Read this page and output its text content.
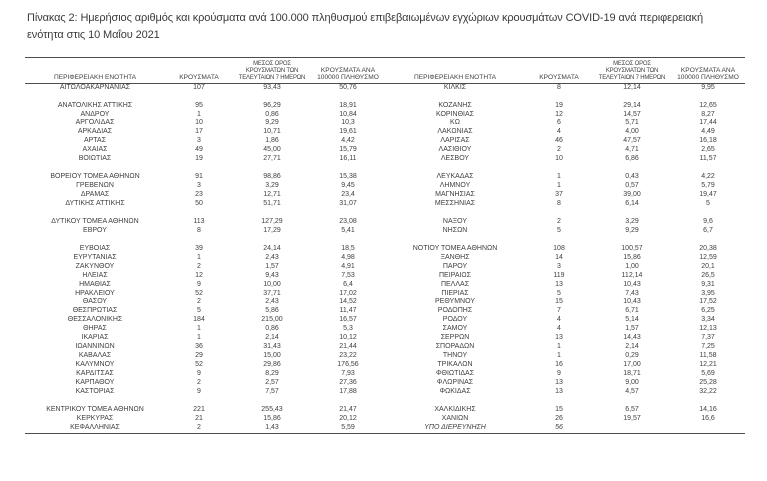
Πίνακας 2: Ημερήσιος αριθμός και κρούσματα ανά 100.000 πληθυσμού επιβεβαιωμένων εγχώριων κρουσμάτων COVID-19 ανά περιφερειακή
ενότητα στις 10 Μαΐου 2021
ΠΕΡΙΦΕΡΕΙΑΚΗ ΕΝΟΤΗΤΑ	ΚΡΟΥΣΜΑΤΑ	ΜΕΣΟΣ ΟΡΟΣ ΚΡΟΥΣΜΑΤΩΝ ΤΩΝ ΤΕΛΕΥΤΑΙΩΝ 7 ΗΜΕΡΩΝ	ΚΡΟΥΣΜΑΤΑ ΑΝΑ 100000 ΠΛΗΘΥΣΜΟ	ΠΕΡΙΦΕΡΕΙΑΚΗ ΕΝΟΤΗΤΑ	ΚΡΟΥΣΜΑΤΑ	ΜΕΣΟΣ ΟΡΟΣ ΚΡΟΥΣΜΑΤΩΝ ΤΩΝ ΤΕΛΕΥΤΑΙΩΝ 7 ΗΜΕΡΩΝ	ΚΡΟΥΣΜΑΤΑ ΑΝΑ 100000 ΠΛΗΘΥΣΜΟ
ΑΙΤΩΛΟΑΚΑΡΝΑΝΙΑΣ	107	93,43	50,76	ΚΙΛΚΙΣ	8	12,14	9,95

ΑΝΑΤΟΛΙΚΗΣ ΑΤΤΙΚΗΣ	95	96,29	18,91	ΚΟΖΑΝΗΣ	19	29,14	12,65
ΑΝΔΡΟΥ	1	0,86	10,84	ΚΟΡΙΝΘΙΑΣ	12	14,57	8,27
ΑΡΓΟΛΙΔΑΣ	10	9,29	10,3	ΚΩ	6	5,71	17,44
ΑΡΚΑΔΙΑΣ	17	10,71	19,61	ΛΑΚΩΝΙΑΣ	4	4,00	4,49
ΑΡΤΑΣ	3	1,86	4,42	ΛΑΡΙΣΑΣ	46	47,57	16,18
ΑΧΑΪΑΣ	49	45,00	15,79	ΛΑΣΙΘΙΟΥ	2	4,71	2,65
ΒΟΙΩΤΙΑΣ	19	27,71	16,11	ΛΕΣΒΟΥ	10	6,86	11,57

ΒΟΡΕΙΟΥ ΤΟΜΕΑ ΑΘΗΝΩΝ	91	98,86	15,38	ΛΕΥΚΑΔΑΣ	1	0,43	4,22
ΓΡΕΒΕΝΩΝ	3	3,29	9,45	ΛΗΜΝΟΥ	1	0,57	5,79
ΔΡΑΜΑΣ	23	12,71	23,4	ΜΑΓΝΗΣΙΑΣ	37	39,00	19,47
ΔΥΤΙΚΗΣ ΑΤΤΙΚΗΣ	50	51,71	31,07	ΜΕΣΣΗΝΙΑΣ	8	6,14	5

ΔΥΤΙΚΟΥ ΤΟΜΕΑ ΑΘΗΝΩΝ	113	127,29	23,08	ΝΑΞΟΥ	2	3,29	9,6
ΕΒΡΟΥ	8	17,29	5,41	ΝΗΣΩΝ	5	9,29	6,7

ΕΥΒΟΙΑΣ	39	24,14	18,5	ΝΟΤΙΟΥ ΤΟΜΕΑ ΑΘΗΝΩΝ	108	100,57	20,38
ΕΥΡΥΤΑΝΙΑΣ	1	2,43	4,98	ΞΑΝΘΗΣ	14	15,86	12,59
ΖΑΚΥΝΘΟΥ	2	1,57	4,91	ΠΑΡΟΥ	3	1,00	20,1
ΗΛΕΙΑΣ	12	9,43	7,53	ΠΕΙΡΑΙΩΣ	119	112,14	26,5
ΗΜΑΘΙΑΣ	9	10,00	6,4	ΠΕΛΛΑΣ	13	10,43	9,31
ΗΡΑΚΛΕΙΟΥ	52	37,71	17,02	ΠΙΕΡΙΑΣ	5	7,43	3,95
ΘΑΣΟΥ	2	2,43	14,52	ΡΕΘΥΜΝΟΥ	15	10,43	17,52
ΘΕΣΠΡΩΤΙΑΣ	5	5,86	11,47	ΡΟΔΟΠΗΣ	7	6,71	6,25
ΘΕΣΣΑΛΟΝΙΚΗΣ	184	215,00	16,57	ΡΟΔΟΥ	4	5,14	3,34
ΘΗΡΑΣ	1	0,86	5,3	ΣΑΜΟΥ	4	1,57	12,13
ΙΚΑΡΙΑΣ	1	2,14	10,12	ΣΕΡΡΩΝ	13	14,43	7,37
ΙΩΑΝΝΙΝΩΝ	36	31,43	21,44	ΣΠΟΡΑΔΩΝ	1	2,14	7,25
ΚΑΒΑΛΑΣ	29	15,00	23,22	ΤΗΝΟΥ	1	0,29	11,58
ΚΑΛΥΜΝΟΥ	52	29,86	176,56	ΤΡΙΚΑΛΩΝ	16	17,00	12,21
ΚΑΡΔΙΤΣΑΣ	9	8,29	7,93	ΦΘΙΩΤΙΔΑΣ	9	18,71	5,69
ΚΑΡΠΑΘΟΥ	2	2,57	27,36	ΦΛΩΡΙΝΑΣ	13	9,00	25,28
ΚΑΣΤΟΡΙΑΣ	9	7,57	17,88	ΦΩΚΙΔΑΣ	13	4,57	32,22

ΚΕΝΤΡΙΚΟΥ ΤΟΜΕΑ ΑΘΗΝΩΝ	221	255,43	21,47	ΧΑΛΚΙΔΙΚΗΣ	15	6,57	14,16
ΚΕΡΚΥΡΑΣ	21	15,86	20,12	ΧΑΝΙΩΝ	26	19,57	16,6
ΚΕΦΑΛΛΗΝΙΑΣ	2	1,43	5,59	ΥΠΟ ΔΙΕΡΕΥΝΗΣΗ	56		
